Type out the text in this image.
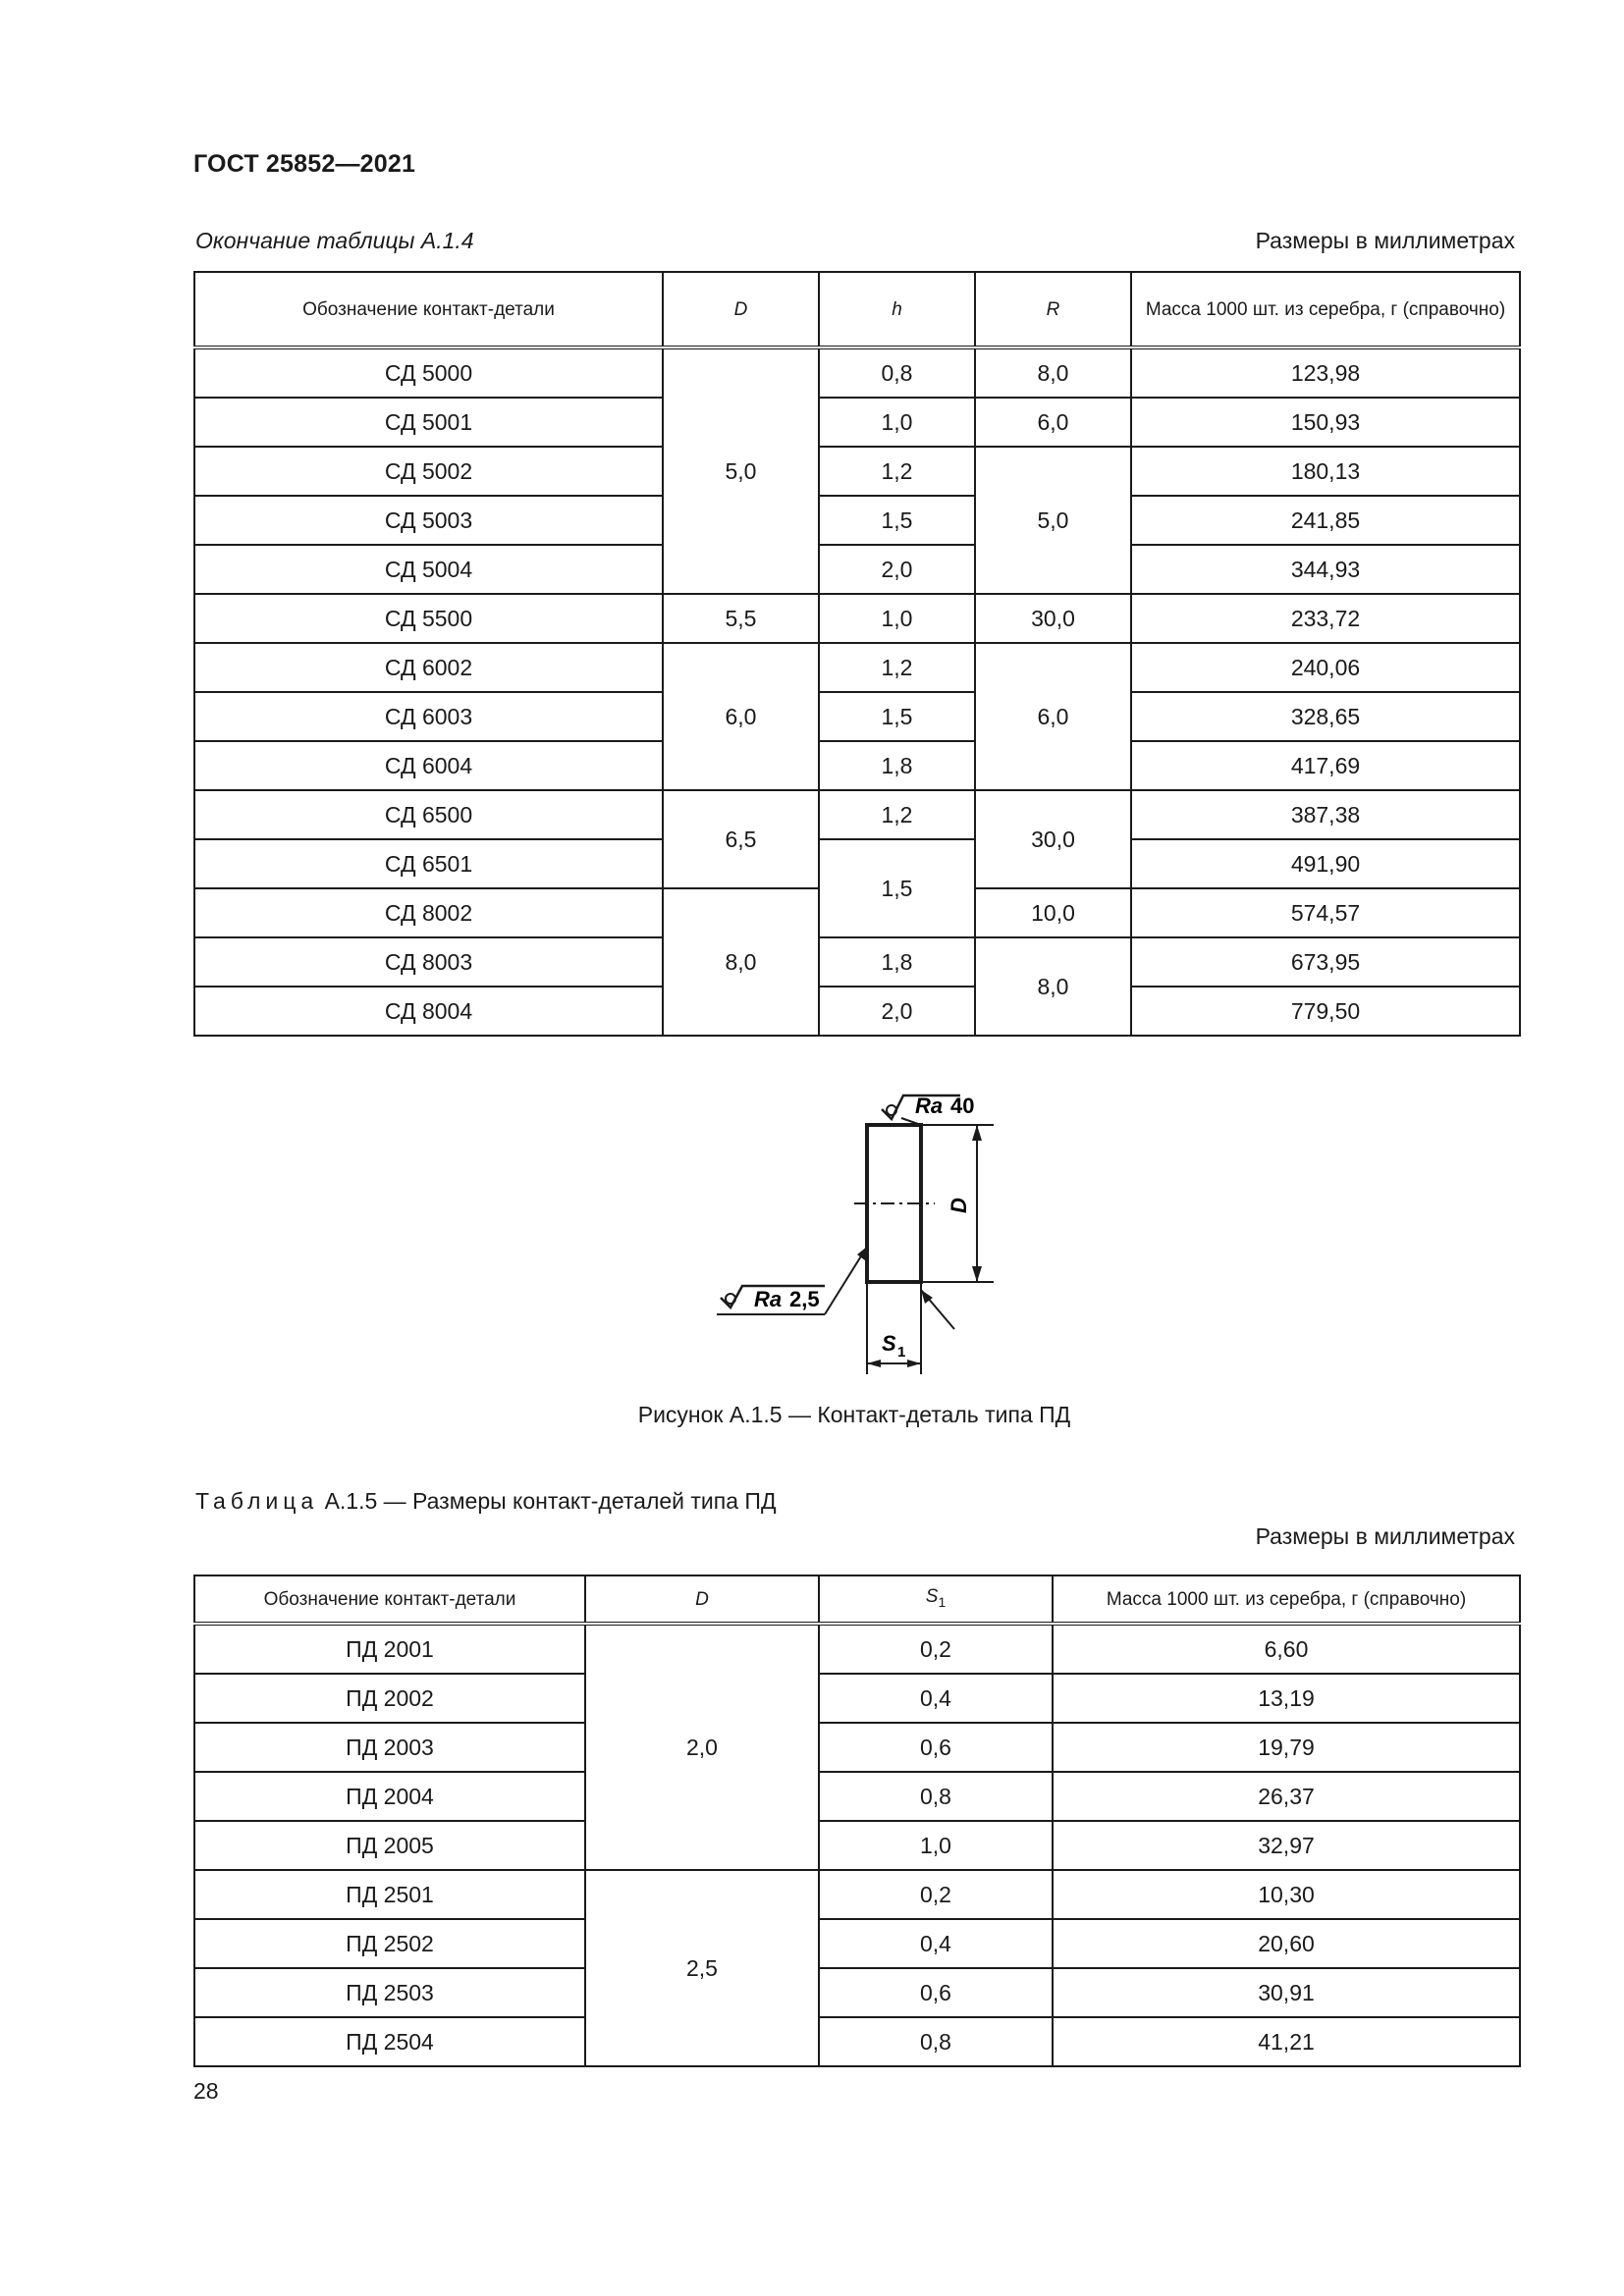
ГОСТ 25852—2021
Окончание таблицы А.1.4	Размеры в миллиметрах
Обозначение контакт-детали	D	h	R	Масса 1000 шт. из серебра, г (справочно)
СД 5000	5,0	0,8	8,0	123,98
СД 5001		1,0	6,0	150,93
СД 5002		1,2	5,0	180,13
СД 5003		1,5		241,85
СД 5004		2,0		344,93
СД 5500	5,5	1,0	30,0	233,72
СД 6002	6,0	1,2	6,0	240,06
СД 6003		1,5		328,65
СД 6004		1,8		417,69
СД 6500	6,5	1,2	30,0	387,38
СД 6501		1,5		491,90
СД 8002	8,0		10,0	574,57
СД 8003		1,8	8,0	673,95
СД 8004		2,0		779,50
Ra 40
D
Ra 2,5
S 1
Рисунок А.1.5 — Контакт-деталь типа ПД
Таблица А.1.5 — Размеры контакт-деталей типа ПД
Размеры в миллиметрах
Обозначение контакт-детали	D	$S_1$	Масса 1000 шт. из серебра, г (справочно)
ПД 2001	2,0	0,2	6,60
ПД 2002		0,4	13,19
ПД 2003		0,6	19,79
ПД 2004		0,8	26,37
ПД 2005		1,0	32,97
ПД 2501	2,5	0,2	10,30
ПД 2502		0,4	20,60
ПД 2503		0,6	30,91
ПД 2504		0,8	41,21
28
